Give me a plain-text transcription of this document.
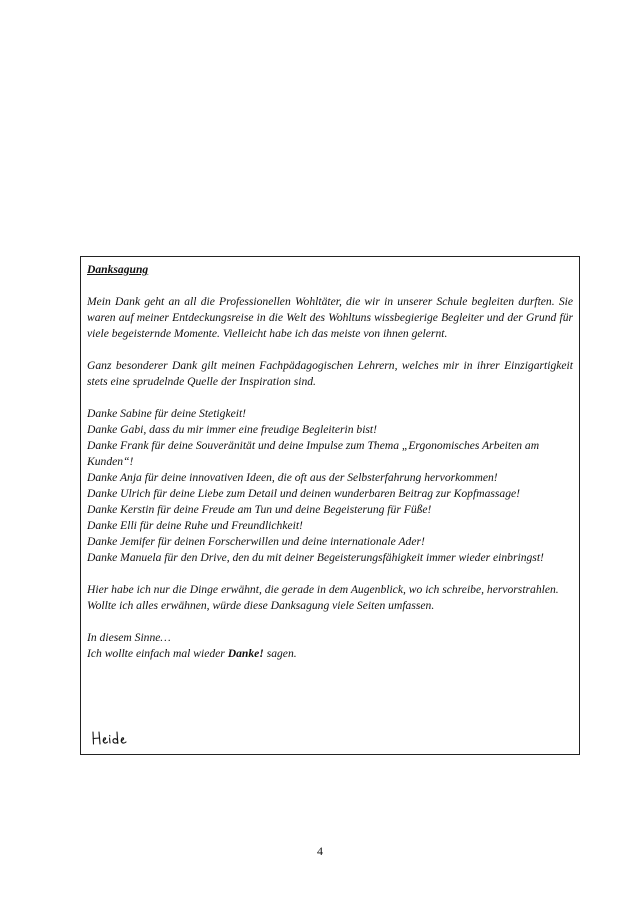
Danksagung

Mein Dank geht an all die Professionellen Wohltäter, die wir in unserer Schule begleiten durften. Sie waren auf meiner Entdeckungsreise in die Welt des Wohltuns wissbegierige Begleiter und der Grund für viele begeisternde Momente. Vielleicht habe ich das meiste von ihnen gelernt.

Ganz besonderer Dank gilt meinen Fachpädagogischen Lehrern, welches mir in ihrer Einzigartigkeit stets eine sprudelnde Quelle der Inspiration sind.

Danke Sabine für deine Stetigkeit!
Danke Gabi, dass du mir immer eine freudige Begleiterin bist!
Danke Frank für deine Souveränität und deine Impulse zum Thema „Ergonomisches Arbeiten am Kunden“!
Danke Anja für deine innovativen Ideen, die oft aus der Selbsterfahrung hervorkommen!
Danke Ulrich für deine Liebe zum Detail und deinen wunderbaren Beitrag zur Kopfmassage!
Danke Kerstin für deine Freude am Tun und deine Begeisterung für Füße!
Danke Elli für deine Ruhe und Freundlichkeit!
Danke Jemifer für deinen Forscherwillen und deine internationale Ader!
Danke Manuela für den Drive, den du mit deiner Begeisterungsfähigkeit immer wieder einbringst!
Hier habe ich nur die Dinge erwähnt, die gerade in dem Augenblick, wo ich schreibe, hervorstrahlen.
Wollte ich alles erwähnen, würde diese Danksagung viele Seiten umfassen.
In diesem Sinne…
Ich wollte einfach mal wieder Danke! sagen.
4
